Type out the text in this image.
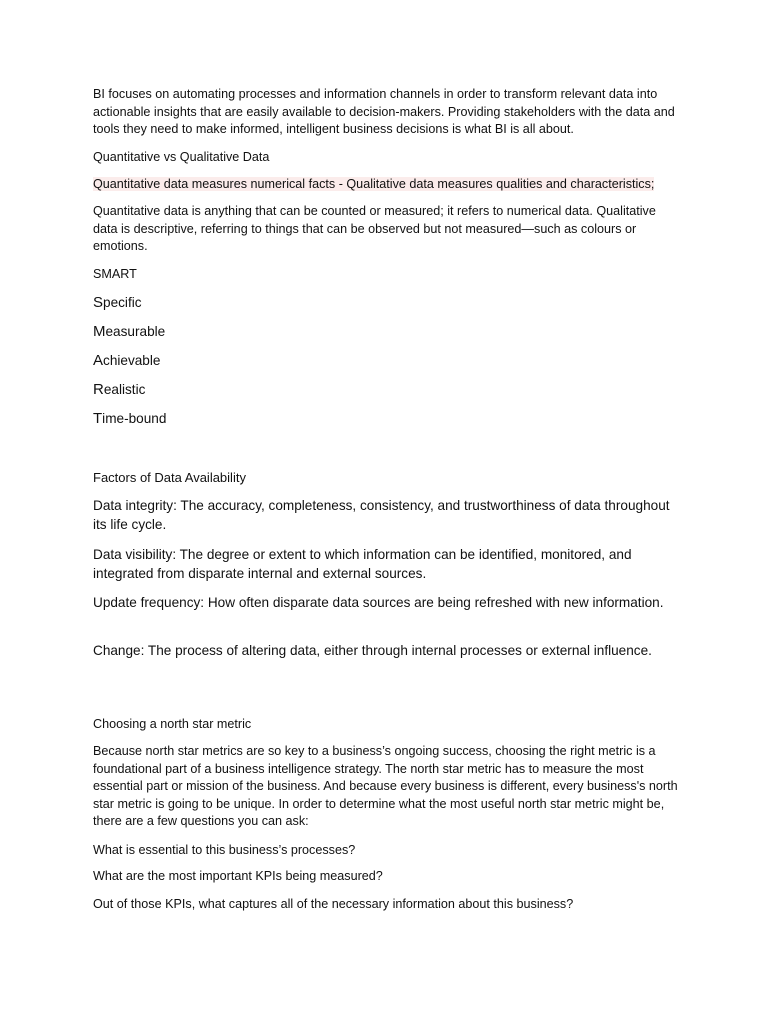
BI focuses on automating processes and information channels in order to transform relevant data into actionable insights that are easily available to decision-makers. Providing stakeholders with the data and tools they need to make informed, intelligent business decisions is what BI is all about.

Quantitative vs Qualitative Data

Quantitative data measures numerical facts - Qualitative data measures qualities and characteristics;

Quantitative data is anything that can be counted or measured; it refers to numerical data. Qualitative data is descriptive, referring to things that can be observed but not measured—such as colours or emotions.

SMART

Specific

Measurable

Achievable

Realistic

Time-bound

Factors of Data Availability

Data integrity: The accuracy, completeness, consistency, and trustworthiness of data throughout its life cycle.

Data visibility: The degree or extent to which information can be identified, monitored, and integrated from disparate internal and external sources.

Update frequency: How often disparate data sources are being refreshed with new information.

Change: The process of altering data, either through internal processes or external influence.

Choosing a north star metric

Because north star metrics are so key to a business’s ongoing success, choosing the right metric is a foundational part of a business intelligence strategy. The north star metric has to measure the most essential part or mission of the business. And because every business is different, every business's north star metric is going to be unique. In order to determine what the most useful north star metric might be, there are a few questions you can ask:

What is essential to this business’s processes?

What are the most important KPIs being measured?

Out of those KPIs, what captures all of the necessary information about this business?
